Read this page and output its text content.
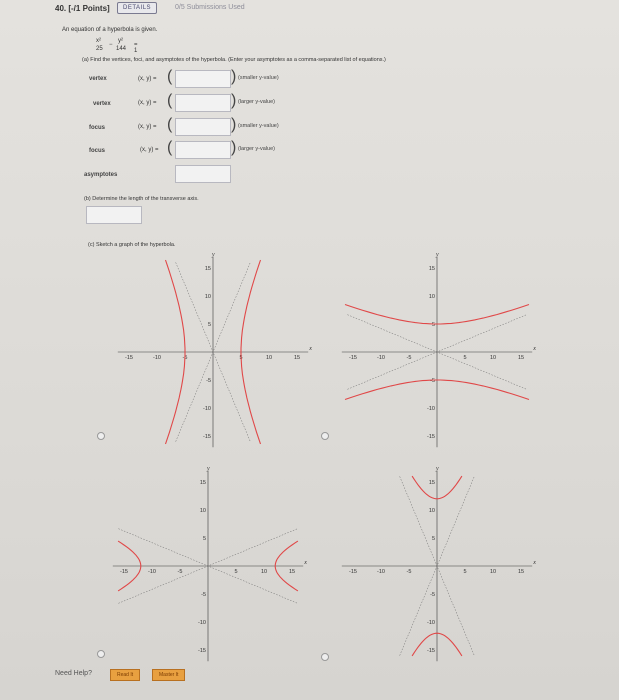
40. [-/1 Points]	DETAILS	0/5 Submissions Used
An equation of a hyperbola is given.
x²
25
−
y²
144
= 1
(a) Find the vertices, foci, and asymptotes of the hyperbola. (Enter your asymptotes as a comma-separated list of equations.)
vertex	(x, y) = (	) (smaller y-value)
vertex	(x, y) = (	) (larger y-value)
focus	(x, y) = (	) (smaller y-value)
focus	(x, y) = (	) (larger y-value)
asymptotes
(b) Determine the length of the transverse axis.
(c) Sketch a graph of the hyperbola.
-15	-10	-5	5	10	15
15
10
5
-5
-10
-15
x
y
-15	-10	-5	5	10	15
15
10
5
-5
-10
-15
x
y
-15	-10	-5	5	10	15
15
10
5
-5
-10
-15
x
y
-15	-10	-5	5	10	15
15
10
5
-5
-10
-15
x
y
Need Help?	Read It	Master It
